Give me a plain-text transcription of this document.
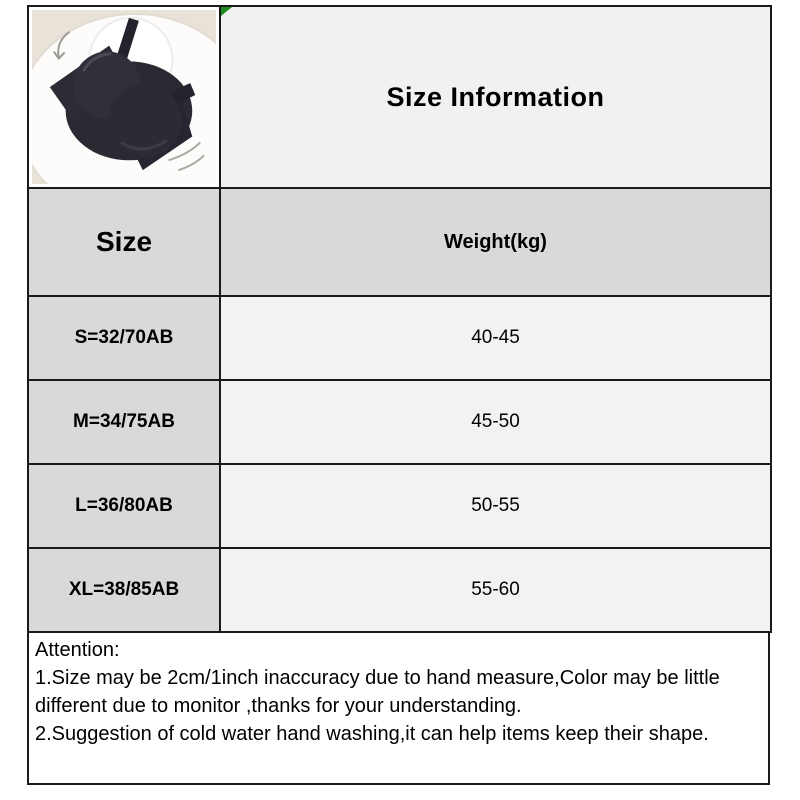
Size Information
Size	Weight(kg)
S=32/70AB	40-45
M=34/75AB	45-50
L=36/80AB	50-55
XL=38/85AB	55-60
Attention:
1.Size may be 2cm/1inch inaccuracy due to hand measure,Color may be little different due to monitor ,thanks for your understanding.
2.Suggestion of cold water hand washing,it can help items keep their shape.
